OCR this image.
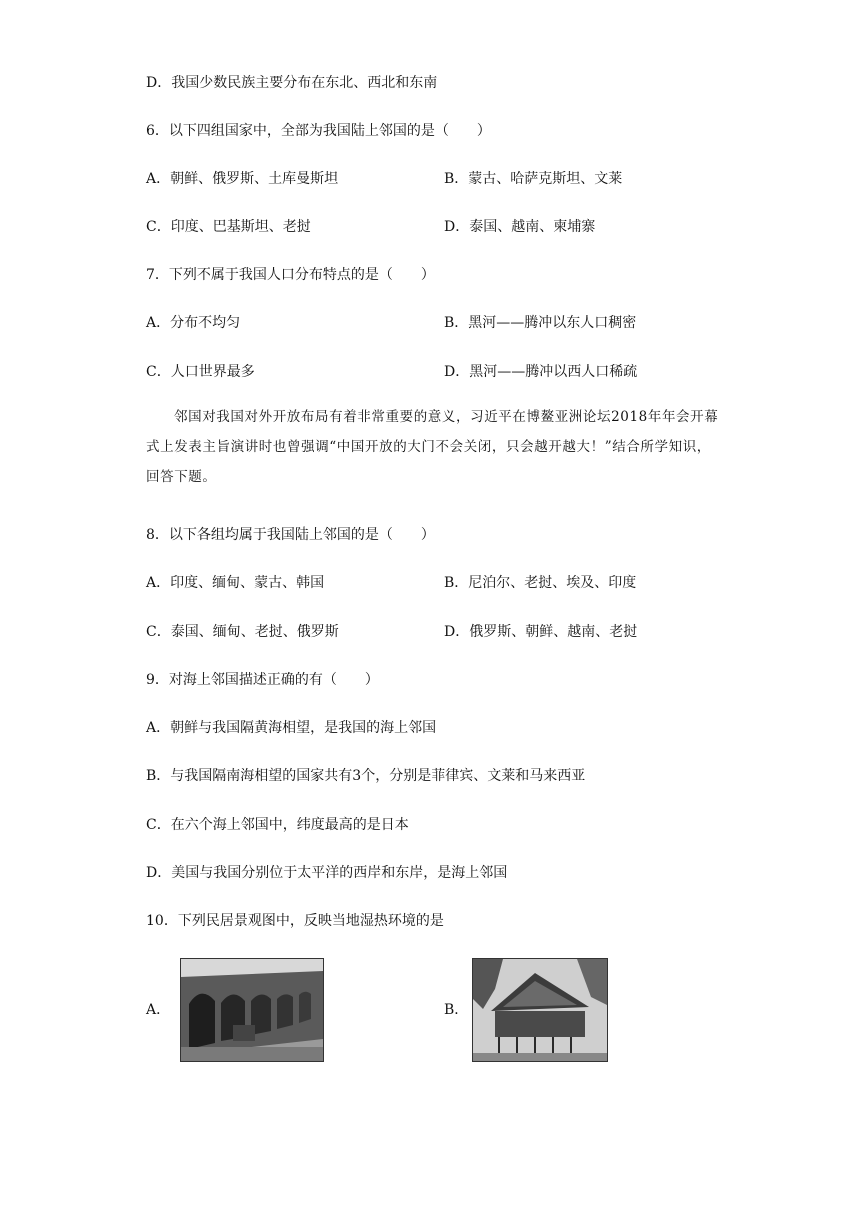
D．我国少数民族主要分布在东北、西北和东南
6．以下四组国家中，全部为我国陆上邻国的是（　　）
A．朝鲜、俄罗斯、土库曼斯坦	B．蒙古、哈萨克斯坦、文莱
C．印度、巴基斯坦、老挝	D．泰国、越南、柬埔寨
7．下列不属于我国人口分布特点的是（　　）
A．分布不均匀	B．黑河——腾冲以东人口稠密
C．人口世界最多	D．黑河——腾冲以西人口稀疏
邻国对我国对外开放布局有着非常重要的意义，习近平在博鳌亚洲论坛2018年年会开幕式上发表主旨演讲时也曾强调“中国开放的大门不会关闭，只会越开越大！”结合所学知识，回答下题。
8．以下各组均属于我国陆上邻国的是（　　）
A．印度、缅甸、蒙古、韩国	B．尼泊尔、老挝、埃及、印度
C．泰国、缅甸、老挝、俄罗斯	D．俄罗斯、朝鲜、越南、老挝
9．对海上邻国描述正确的有（　　）
A．朝鲜与我国隔黄海相望，是我国的海上邻国
B．与我国隔南海相望的国家共有3个，分别是菲律宾、文莱和马来西亚
C．在六个海上邻国中，纬度最高的是日本
D．美国与我国分别位于太平洋的西岸和东岸，是海上邻国
10．下列民居景观图中，反映当地湿热环境的是
A．	B．
